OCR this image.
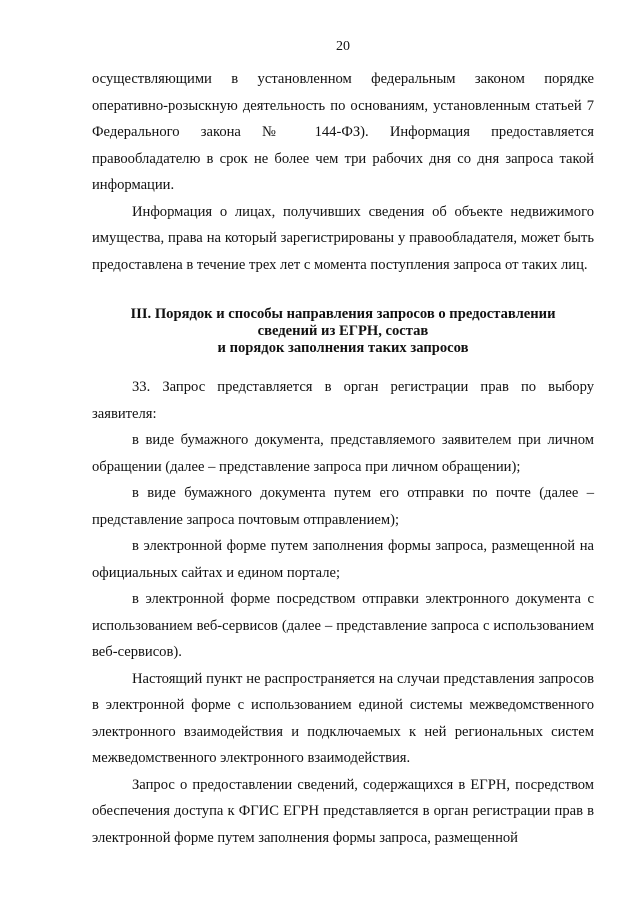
20

осуществляющими в установленном федеральным законом порядке оперативно-розыскную деятельность по основаниям, установленным статьей 7 Федерального закона № 144-ФЗ). Информация предоставляется правообладателю в срок не более чем три рабочих дня со дня запроса такой информации.

Информация о лицах, получивших сведения об объекте недвижимого имущества, права на который зарегистрированы у правообладателя, может быть предоставлена в течение трех лет с момента поступления запроса от таких лиц.

III. Порядок и способы направления запросов о предоставлении
сведений из ЕГРН, состав
и порядок заполнения таких запросов

33. Запрос представляется в орган регистрации прав по выбору заявителя:

в виде бумажного документа, представляемого заявителем при личном обращении (далее – представление запроса при личном обращении);

в виде бумажного документа путем его отправки по почте (далее – представление запроса почтовым отправлением);

в электронной форме путем заполнения формы запроса, размещенной на официальных сайтах и едином портале;

в электронной форме посредством отправки электронного документа с использованием веб-сервисов (далее – представление запроса с использованием веб-сервисов).

Настоящий пункт не распространяется на случаи представления запросов в электронной форме с использованием единой системы межведомственного электронного взаимодействия и подключаемых к ней региональных систем межведомственного электронного взаимодействия.

Запрос о предоставлении сведений, содержащихся в ЕГРН, посредством обеспечения доступа к ФГИС ЕГРН представляется в орган регистрации прав в электронной форме путем заполнения формы запроса, размещенной
